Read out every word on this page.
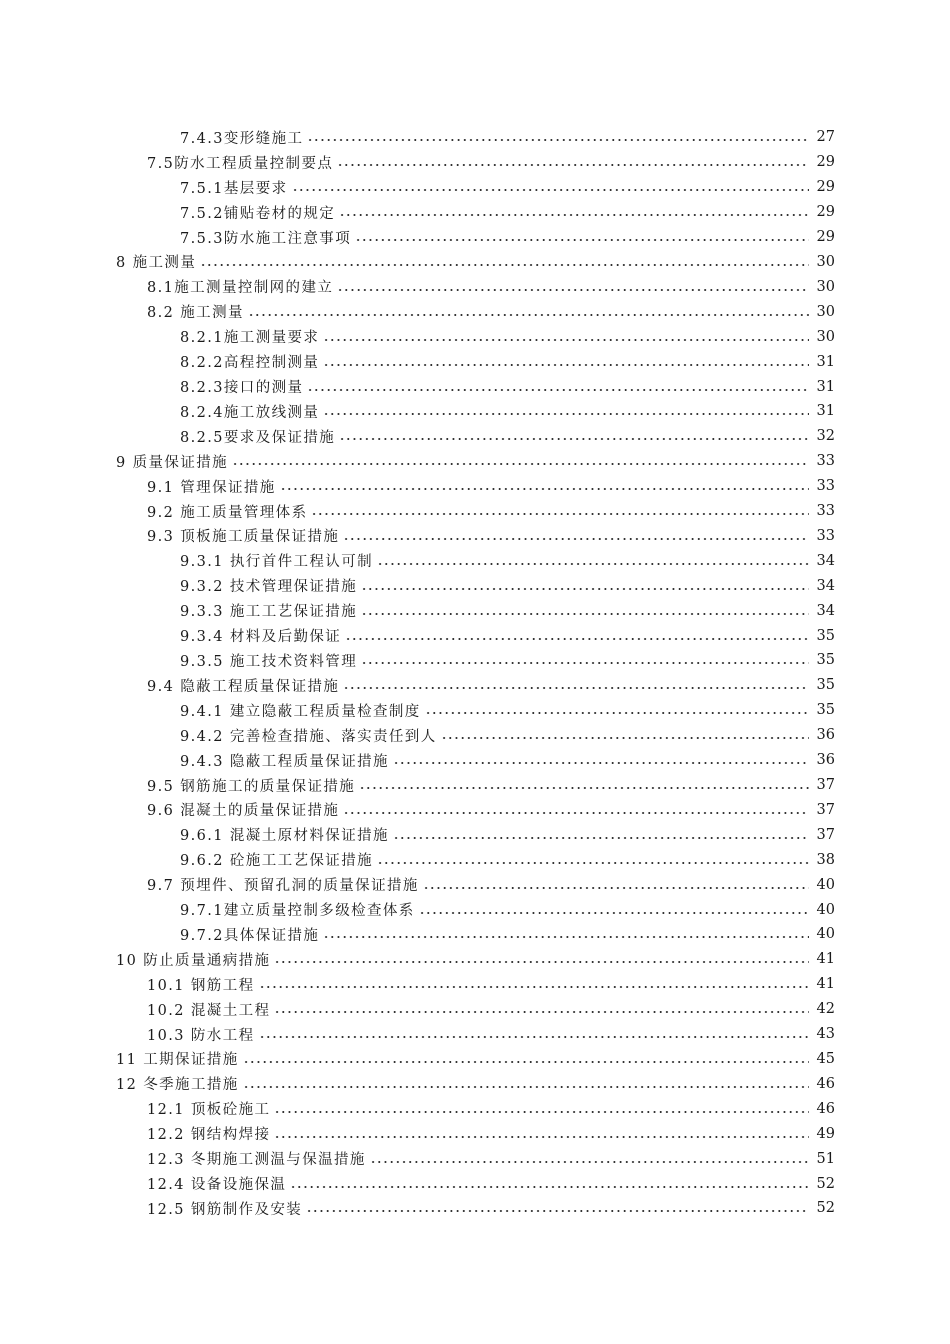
7.4.3变形缝施工	27
7.5防水工程质量控制要点	29
7.5.1基层要求	29
7.5.2铺贴卷材的规定	29
7.5.3防水施工注意事项	29
8 施工测量	30
8.1施工测量控制网的建立	30
8.2 施工测量	30
8.2.1施工测量要求	30
8.2.2高程控制测量	31
8.2.3接口的测量	31
8.2.4施工放线测量	31
8.2.5要求及保证措施	32
9 质量保证措施	33
9.1 管理保证措施	33
9.2 施工质量管理体系	33
9.3 顶板施工质量保证措施	33
9.3.1 执行首件工程认可制	34
9.3.2 技术管理保证措施	34
9.3.3 施工工艺保证措施	34
9.3.4 材料及后勤保证	35
9.3.5 施工技术资料管理	35
9.4 隐蔽工程质量保证措施	35
9.4.1 建立隐蔽工程质量检查制度	35
9.4.2 完善检查措施、落实责任到人	36
9.4.3 隐蔽工程质量保证措施	36
9.5 钢筋施工的质量保证措施	37
9.6 混凝土的质量保证措施	37
9.6.1 混凝土原材料保证措施	37
9.6.2 砼施工工艺保证措施	38
9.7 预埋件、预留孔洞的质量保证措施	40
9.7.1建立质量控制多级检查体系	40
9.7.2具体保证措施	40
10 防止质量通病措施	41
10.1 钢筋工程	41
10.2 混凝土工程	42
10.3 防水工程	43
11 工期保证措施	45
12 冬季施工措施	46
12.1 顶板砼施工	46
12.2 钢结构焊接	49
12.3 冬期施工测温与保温措施	51
12.4 设备设施保温	52
12.5 钢筋制作及安装	52
